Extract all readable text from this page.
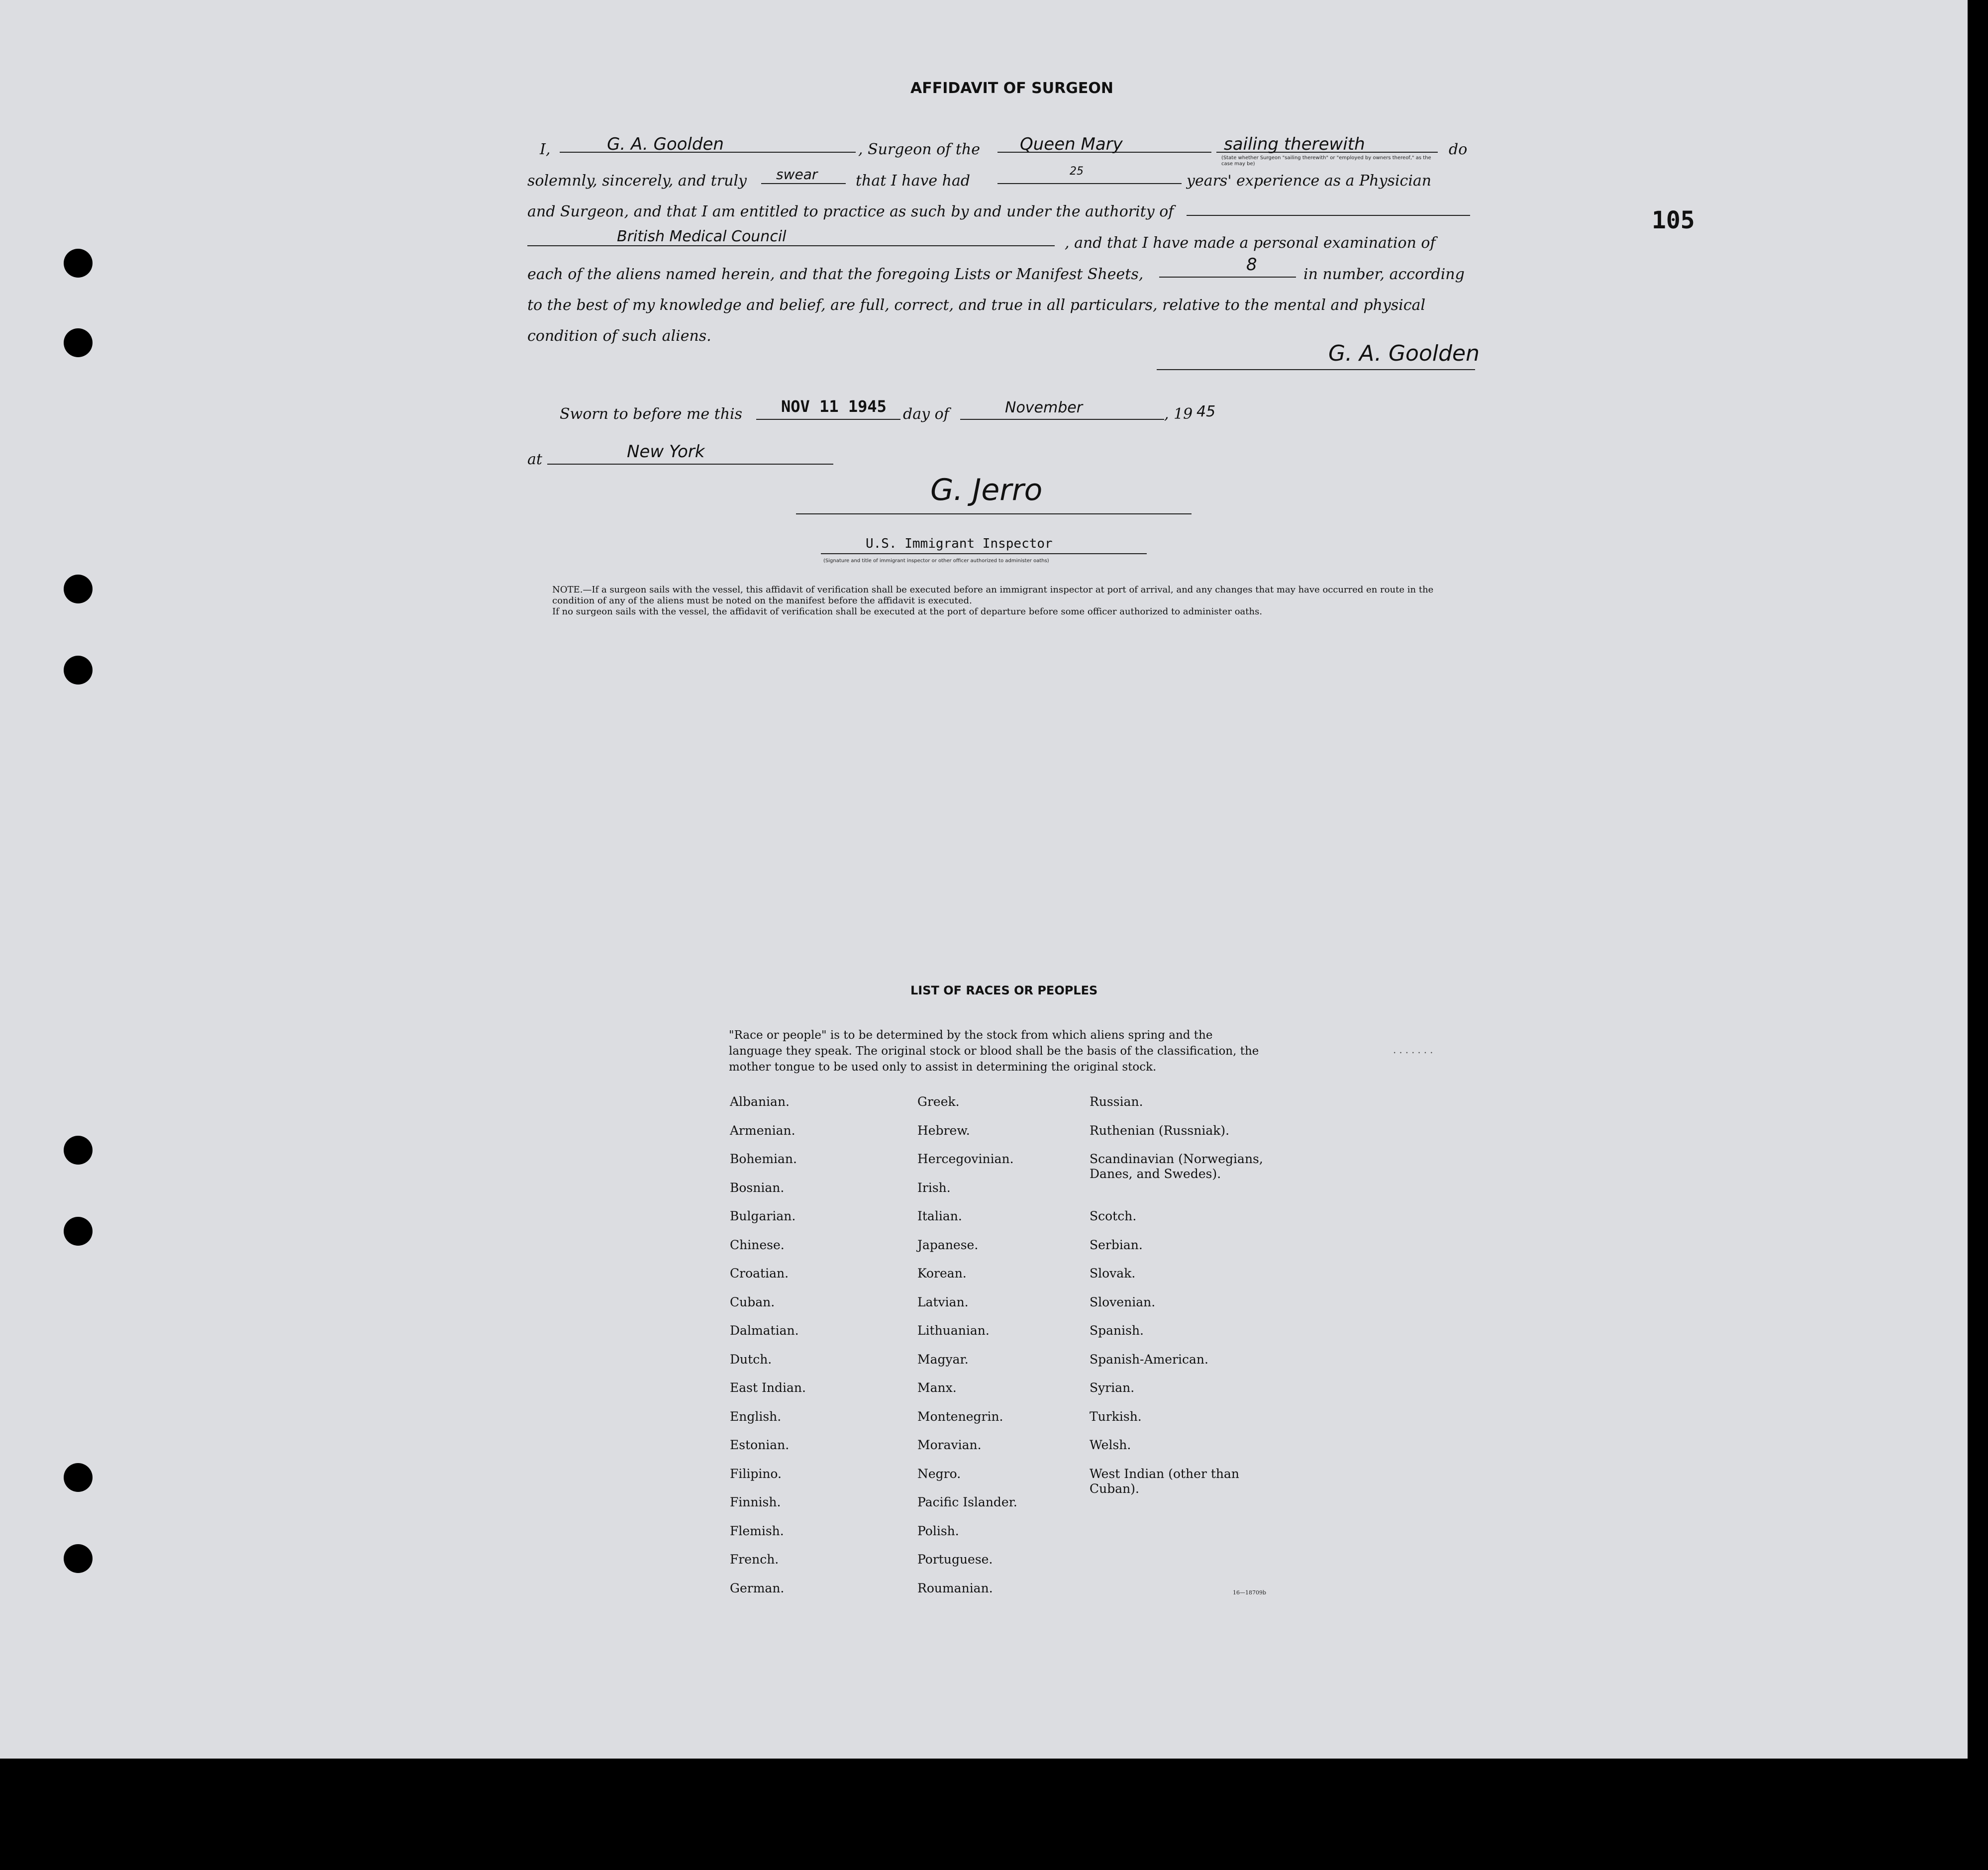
AFFIDAVIT OF SURGEON
105
I,	G. A. Goolden	, Surgeon of the Queen Mary	sailing therewith	do
(State whether Surgeon "sailing therewith" or "employed by owners thereof," as the case may be)
solemnly, sincerely, and truly swear	that I have had
25
years' experience as a Physician
and Surgeon, and that I am entitled to practice as such by and under the authority of
British Medical Council	, and that I have made a personal examination of
each of the aliens named herein, and that the foregoing Lists or Manifest Sheets,	8	in number, according
to the best of my knowledge and belief, are full, correct, and true in all particulars, relative to the mental and physical
condition of such aliens.
G. A. Goolden
Sworn to before me this NOV 11 1945 day of	November	, 19 45
at	New York
G. Jerro
U.S. Immigrant Inspector
(Signature and title of immigrant inspector or other officer authorized to administer oaths)

NOTE.—If a surgeon sails with the vessel, this affidavit of verification shall be executed before an immigrant inspector at port of arrival, and any changes that may have occurred en route in the condition of any of the aliens must be noted on the manifest before the affidavit is executed.

If no surgeon sails with the vessel, the affidavit of verification shall be executed at the port of departure before some officer authorized to administer oaths.

LIST OF RACES OR PEOPLES
"Race or people" is to be determined by the stock from which aliens spring and the language they speak. The original stock or blood shall be the basis of the classification, the mother tongue to be used only to assist in determining the original stock.
.......
Albanian.
Armenian.
Bohemian.
Bosnian.
Bulgarian.
Chinese.
Croatian.
Cuban.
Dalmatian.
Dutch.
East Indian.
English.
Estonian.
Filipino.
Finnish.
Flemish.
French.
German.
Greek.
Hebrew.
Hercegovinian.
Irish.
Italian.
Japanese.
Korean.
Latvian.
Lithuanian.
Magyar.
Manx.
Montenegrin.
Moravian.
Negro.
Pacific Islander.
Polish.
Portuguese.
Roumanian.
Russian.
Ruthenian (Russniak).
Scandinavian (Norwegians, Danes, and Swedes).
Scotch.
Serbian.
Slovak.
Slovenian.
Spanish.
Spanish-American.
Syrian.
Turkish.
Welsh.
West Indian (other than Cuban).
16—18709b
